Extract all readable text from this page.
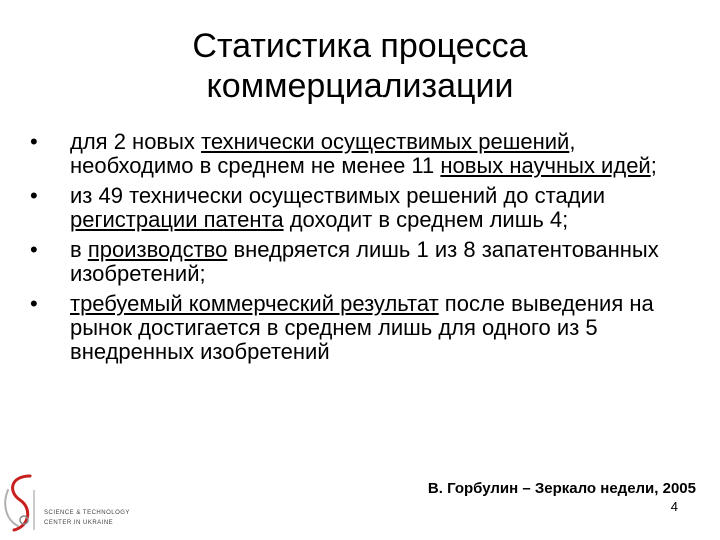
Статистика процесса
коммерциализации
•	для 2 новых технически осуществимых решений, необходимо в среднем не менее 11 новых научных идей;
•	из 49 технически осуществимых решений до стадии регистрации патента доходит в среднем лишь 4;
•	в производство внедряется лишь 1 из 8 запатентованных изобретений;
•	требуемый коммерческий результат после выведения на рынок достигается в среднем лишь для одного из 5 внедренных изобретений
В. Горбулин – Зеркало недели, 2005
4
SCIENCE & TECHNOLOGY
CENTER IN UKRAINE
